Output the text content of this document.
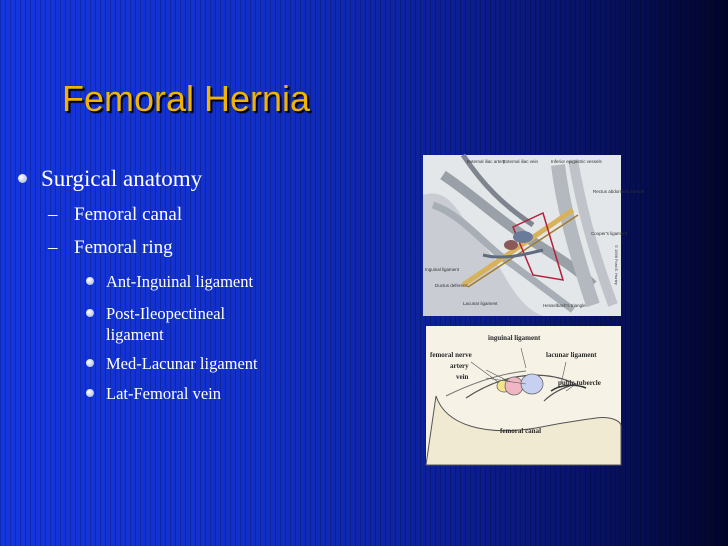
Femoral Hernia
Surgical anatomy
– Femoral canal
– Femoral ring
Ant-Inguinal ligament
Post-Ileopectineal ligament
Med-Lacunar ligament
Lat-Femoral vein
External iliac artery
External iliac vein	Inferior epigastric vessels
Rectus abdominis muscle
Cooper's ligament
Inguinal ligament
Ductus deferens
Lacunar ligament	Hesselbach's triangle
© 1996 Ford E. Hurley
inguinal ligament
femoral nerve
artery
vein
lacunar ligament
pubic tubercle
femoral canal
